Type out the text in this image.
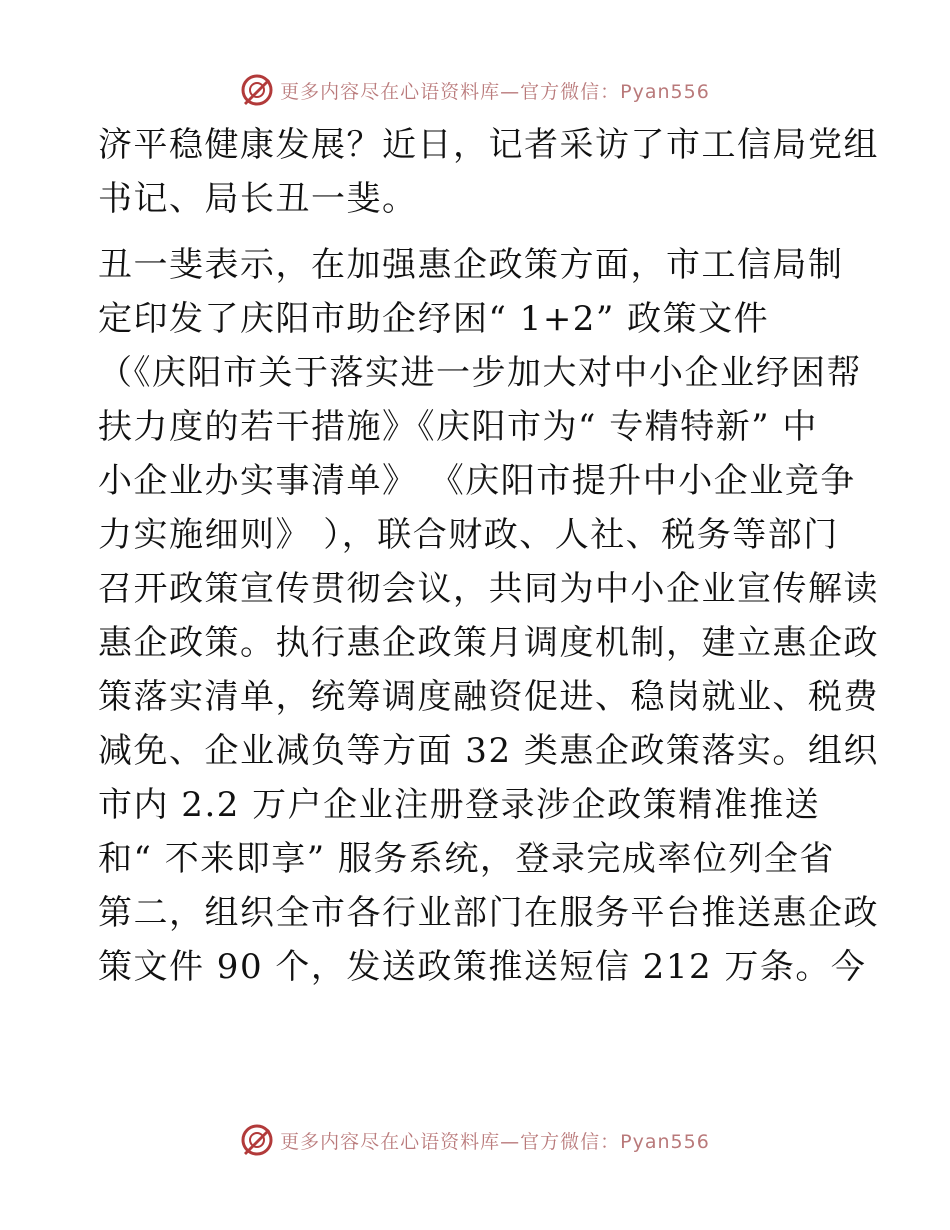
更多内容尽在心语资料库—官方微信：Pyan556
济平稳健康发展？近日，记者采访了市工信局党组
书记、局长丑一斐。
丑一斐表示，在加强惠企政策方面，市工信局制
定印发了庆阳市助企纾困“ 1+2” 政策文件
（《庆阳市关于落实进一步加大对中小企业纾困帮
扶力度的若干措施》《庆阳市为“ 专精特新” 中
小企业办实事清单》 《庆阳市提升中小企业竞争
力实施细则》 ），联合财政、人社、税务等部门
召开政策宣传贯彻会议，共同为中小企业宣传解读
惠企政策。执行惠企政策月调度机制，建立惠企政
策落实清单，统筹调度融资促进、稳岗就业、税费
减免、企业减负等方面 32 类惠企政策落实。组织
市内 2.2 万户企业注册登录涉企政策精准推送
和“ 不来即享” 服务系统，登录完成率位列全省
第二，组织全市各行业部门在服务平台推送惠企政
策文件 90 个，发送政策推送短信 212 万条。今
更多内容尽在心语资料库—官方微信：Pyan556
